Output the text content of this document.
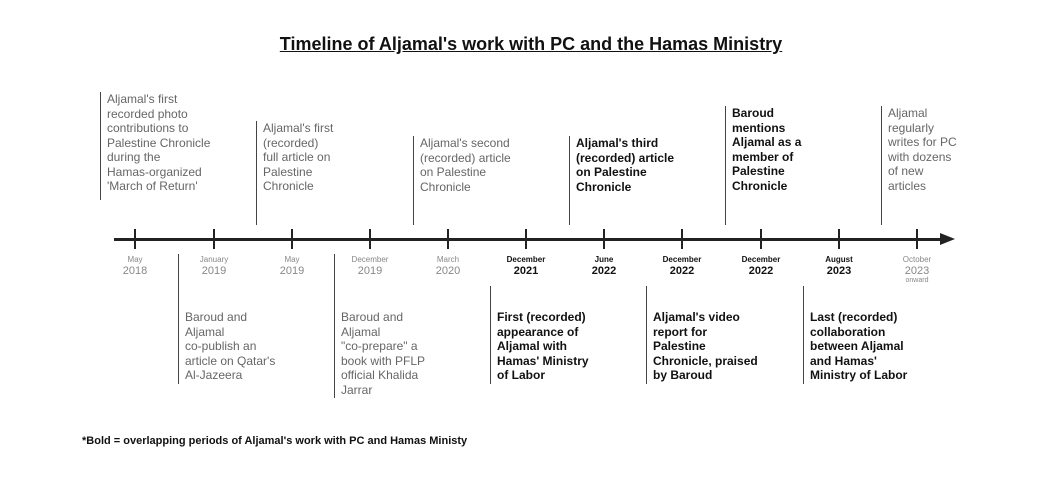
Timeline of Aljamal's work with PC and the Hamas Ministry
May
2018
January
2019
May
2019
December
2019
March
2020
December
2021
June
2022
December
2022
December
2022
August
2023
October
2023
onward
Aljamal's first
recorded photo
contributions to
Palestine Chronicle
during the
Hamas-organized
'March of Return'
Aljamal's first
(recorded)
full article on
Palestine
Chronicle
Aljamal's second
(recorded) article
on Palestine
Chronicle
Aljamal's third
(recorded) article
on Palestine
Chronicle
Baroud
mentions
Aljamal as a
member of
Palestine
Chronicle
Aljamal
regularly
writes for PC
with dozens
of new
articles
Baroud and
Aljamal
co-publish an
article on Qatar's
Al-Jazeera
Baroud and
Aljamal
"co-prepare" a
book with PFLP
official Khalida
Jarrar
First (recorded)
appearance of
Aljamal with
Hamas' Ministry
of Labor
Aljamal's video
report for
Palestine
Chronicle, praised
by Baroud
Last (recorded)
collaboration
between Aljamal
and Hamas'
Ministry of Labor
*Bold = overlapping periods of Aljamal's work with PC and Hamas Ministy
